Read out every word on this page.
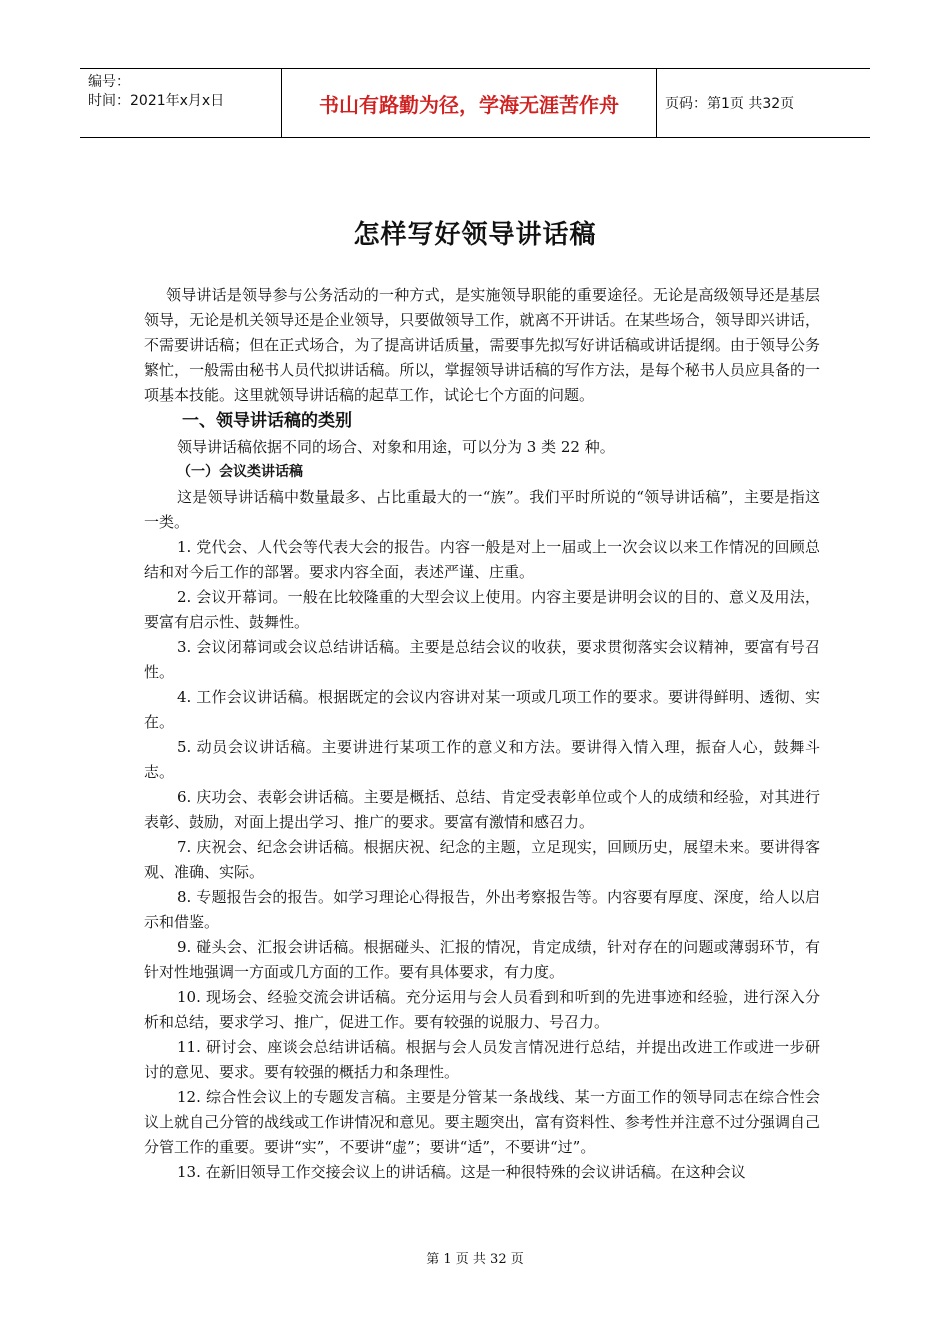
编号：
时间：2021年x月x日	书山有路勤为径，学海无涯苦作舟	页码：第1页 共32页
怎样写好领导讲话稿

领导讲话是领导参与公务活动的一种方式，是实施领导职能的重要途径。无论是高级领导还是基层领导，无论是机关领导还是企业领导，只要做领导工作，就离不开讲话。在某些场合，领导即兴讲话，不需要讲话稿；但在正式场合，为了提高讲话质量，需要事先拟写好讲话稿或讲话提纲。由于领导公务繁忙，一般需由秘书人员代拟讲话稿。所以，掌握领导讲话稿的写作方法，是每个秘书人员应具备的一项基本技能。这里就领导讲话稿的起草工作，试论七个方面的问题。

一、领导讲话稿的类别

领导讲话稿依据不同的场合、对象和用途，可以分为 3 类 22 种。

（一）会议类讲话稿

这是领导讲话稿中数量最多、占比重最大的一“族”。我们平时所说的“领导讲话稿”，主要是指这一类。

1. 党代会、人代会等代表大会的报告。内容一般是对上一届或上一次会议以来工作情况的回顾总结和对今后工作的部署。要求内容全面，表述严谨、庄重。

2. 会议开幕词。一般在比较隆重的大型会议上使用。内容主要是讲明会议的目的、意义及用法，要富有启示性、鼓舞性。

3. 会议闭幕词或会议总结讲话稿。主要是总结会议的收获，要求贯彻落实会议精神，要富有号召性。

4. 工作会议讲话稿。根据既定的会议内容讲对某一项或几项工作的要求。要讲得鲜明、透彻、实在。

5. 动员会议讲话稿。主要讲进行某项工作的意义和方法。要讲得入情入理，振奋人心，鼓舞斗志。

6. 庆功会、表彰会讲话稿。主要是概括、总结、肯定受表彰单位或个人的成绩和经验，对其进行表彰、鼓励，对面上提出学习、推广的要求。要富有激情和感召力。

7. 庆祝会、纪念会讲话稿。根据庆祝、纪念的主题，立足现实，回顾历史，展望未来。要讲得客观、准确、实际。

8. 专题报告会的报告。如学习理论心得报告，外出考察报告等。内容要有厚度、深度，给人以启示和借鉴。

9. 碰头会、汇报会讲话稿。根据碰头、汇报的情况，肯定成绩，针对存在的问题或薄弱环节，有针对性地强调一方面或几方面的工作。要有具体要求，有力度。

10. 现场会、经验交流会讲话稿。充分运用与会人员看到和听到的先进事迹和经验，进行深入分析和总结，要求学习、推广，促进工作。要有较强的说服力、号召力。

11. 研讨会、座谈会总结讲话稿。根据与会人员发言情况进行总结，并提出改进工作或进一步研讨的意见、要求。要有较强的概括力和条理性。

12. 综合性会议上的专题发言稿。主要是分管某一条战线、某一方面工作的领导同志在综合性会议上就自己分管的战线或工作讲情况和意见。要主题突出，富有资料性、参考性并注意不过分强调自己分管工作的重要。要讲“实”，不要讲“虚”；要讲“适”，不要讲“过”。

13. 在新旧领导工作交接会议上的讲话稿。这是一种很特殊的会议讲话稿。在这种会议

第 1 页 共 32 页
